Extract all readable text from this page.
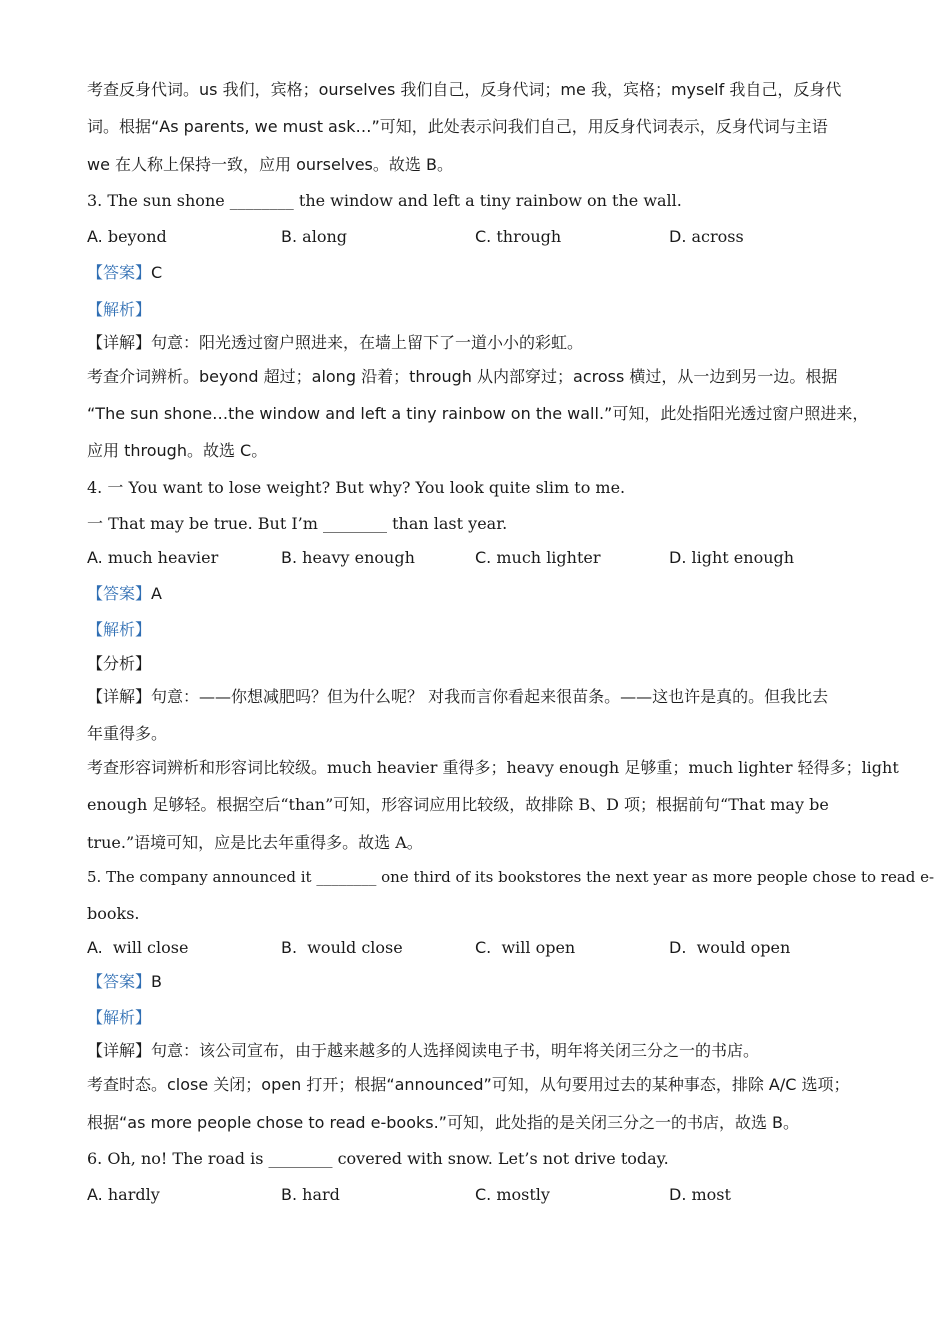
考查反身代词。us 我们，宾格；ourselves 我们自己，反身代词；me 我，宾格；myself 我自己，反身代
词。根据“As parents, we must ask…”可知，此处表示问我们自己，用反身代词表示，反身代词与主语
we 在人称上保持一致，应用 ourselves。故选 B。
3. The sun shone ________ the window and left a tiny rainbow on the wall.
A. beyond	B. along	C. through	D. across
【答案】C
【解析】
【详解】句意：阳光透过窗户照进来，在墙上留下了一道小小的彩虹。
考查介词辨析。beyond 超过；along 沿着；through 从内部穿过；across 横过，从一边到另一边。根据
“The sun shone…the window and left a tiny rainbow on the wall.”可知，此处指阳光透过窗户照进来，
应用 through。故选 C。
4. 一 You want to lose weight? But why? You look quite slim to me.
一 That may be true. But I’m ________ than last year.
A. much heavier	B. heavy enough	C. much lighter	D. light enough
【答案】A
【解析】
【分析】
【详解】句意：——你想减肥吗？但为什么呢？ 对我而言你看起来很苗条。——这也许是真的。但我比去
年重得多。
考查形容词辨析和形容词比较级。much heavier 重得多；heavy enough 足够重；much lighter 轻得多；light
enough 足够轻。根据空后“than”可知，形容词应用比较级，故排除 B、D 项；根据前句“That may be
true.”语境可知，应是比去年重得多。故选 A。
5. The company announced it ________ one third of its bookstores the next year as more people chose to read e-
books.
A. will close	B. would close	C. will open	D. would open
【答案】B
【解析】
【详解】句意：该公司宣布，由于越来越多的人选择阅读电子书，明年将关闭三分之一的书店。
考查时态。close 关闭；open 打开；根据“announced”可知，从句要用过去的某种事态，排除 A/C 选项；
根据“as more people chose to read e-books.”可知，此处指的是关闭三分之一的书店，故选 B。
6. Oh, no! The road is ________ covered with snow. Let’s not drive today.
A. hardly	B. hard	C. mostly	D. most
